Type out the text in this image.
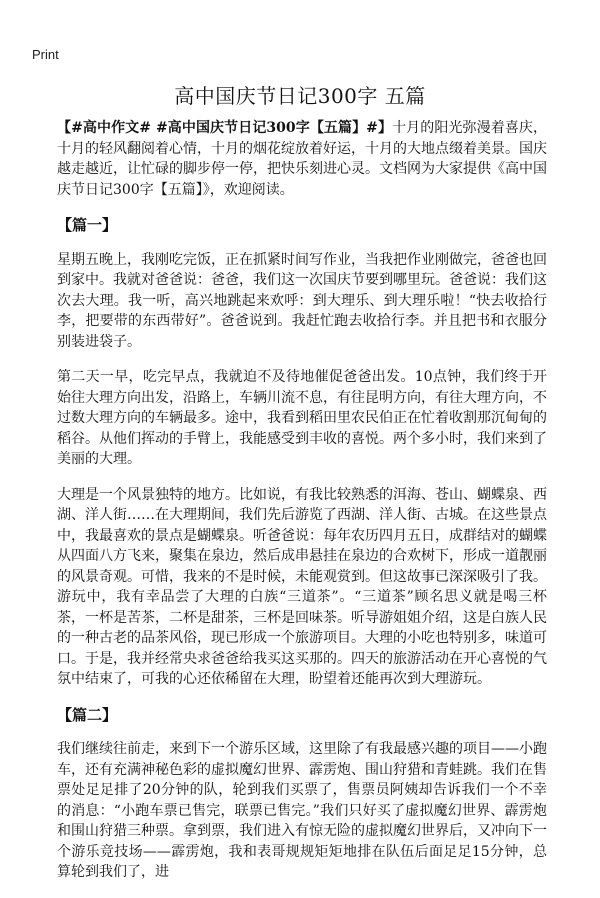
Print
高中国庆节日记300字 五篇

【#高中作文# #高中国庆节日记300字【五篇】#】十月的阳光弥漫着喜庆，十月的轻风翻阅着心情，十月的烟花绽放着好运，十月的大地点缀着美景。国庆越走越近，让忙碌的脚步停一停，把快乐刻进心灵。文档网为大家提供《高中国庆节日记300字【五篇】》，欢迎阅读。

【篇一】

星期五晚上，我刚吃完饭，正在抓紧时间写作业，当我把作业刚做完，爸爸也回到家中。我就对爸爸说：爸爸，我们这一次国庆节要到哪里玩。爸爸说：我们这次去大理。我一听，高兴地跳起来欢呼：到大理乐、到大理乐啦！“快去收拾行李，把要带的东西带好”。爸爸说到。我赶忙跑去收拾行李。并且把书和衣服分别装进袋子。

第二天一早，吃完早点，我就迫不及待地催促爸爸出发。10点钟，我们终于开始往大理方向出发，沿路上，车辆川流不息，有往昆明方向，有往大理方向，不过数大理方向的车辆最多。途中，我看到稻田里农民伯正在忙着收割那沉甸甸的稻谷。从他们挥动的手臂上，我能感受到丰收的喜悦。两个多小时，我们来到了美丽的大理。

大理是一个风景独特的地方。比如说，有我比较熟悉的洱海、苍山、蝴蝶泉、西湖、洋人街……在大理期间，我们先后游览了西湖、洋人街、古城。在这些景点中，我最喜欢的景点是蝴蝶泉。听爸爸说：每年农历四月五日，成群结对的蝴蝶从四面八方飞来，聚集在泉边，然后成串悬挂在泉边的合欢树下，形成一道靓丽的风景奇观。可惜，我来的不是时候，未能观赏到。但这故事已深深吸引了我。游玩中，我有幸品尝了大理的白族“三道茶”。“三道茶”顾名思义就是喝三杯茶，一杯是苦茶，二杯是甜茶，三杯是回味茶。听导游姐姐介绍，这是白族人民的一种古老的品茶风俗，现已形成一个旅游项目。大理的小吃也特别多，味道可口。于是，我并经常央求爸爸给我买这买那的。四天的旅游活动在开心喜悦的气氛中结束了，可我的心还依稀留在大理，盼望着还能再次到大理游玩。

【篇二】

我们继续往前走，来到下一个游乐区域，这里除了有我最感兴趣的项目——小跑车，还有充满神秘色彩的虚拟魔幻世界、霹雳炮、围山狩猎和青蛙跳。我们在售票处足足排了20分钟的队，轮到我们买票了，售票员阿姨却告诉我们一个不幸的消息：“小跑车票已售完，联票已售完。”我们只好买了虚拟魔幻世界、霹雳炮和围山狩猎三种票。拿到票，我们进入有惊无险的虚拟魔幻世界后，又冲向下一个游乐竞技场——霹雳炮，我和表哥规规矩矩地排在队伍后面足足15分钟，总算轮到我们了，进
